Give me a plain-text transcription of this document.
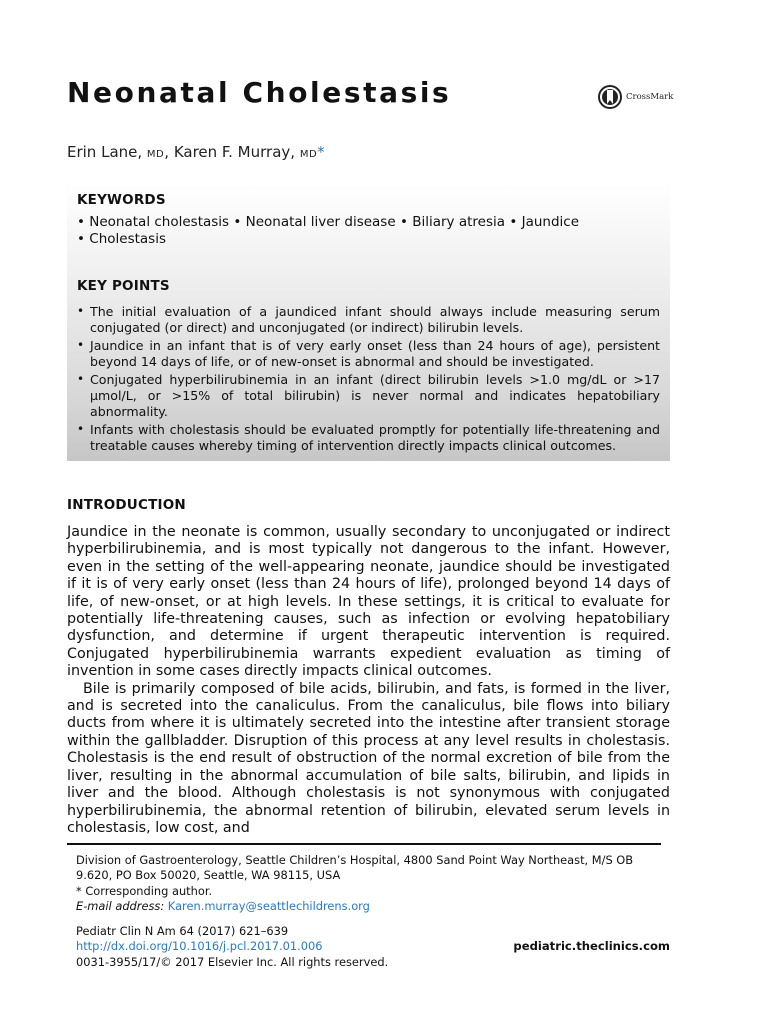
Neonatal Cholestasis	CrossMark
Erin Lane, MD, Karen F. Murray, MD*
KEYWORDS
• Neonatal cholestasis • Neonatal liver disease • Biliary atresia • Jaundice
• Cholestasis
KEY POINTS
• The initial evaluation of a jaundiced infant should always include measuring serum conjugated (or direct) and unconjugated (or indirect) bilirubin levels.
• Jaundice in an infant that is of very early onset (less than 24 hours of age), persistent beyond 14 days of life, or of new-onset is abnormal and should be investigated.
• Conjugated hyperbilirubinemia in an infant (direct bilirubin levels >1.0 mg/dL or >17 μmol/L, or >15% of total bilirubin) is never normal and indicates hepatobiliary abnormality.
• Infants with cholestasis should be evaluated promptly for potentially life-threatening and treatable causes whereby timing of intervention directly impacts clinical outcomes.
INTRODUCTION

Jaundice in the neonate is common, usually secondary to unconjugated or indirect hyperbilirubinemia, and is most typically not dangerous to the infant. However, even in the setting of the well-appearing neonate, jaundice should be investigated if it is of very early onset (less than 24 hours of life), prolonged beyond 14 days of life, of new-onset, or at high levels. In these settings, it is critical to evaluate for potentially life-threatening causes, such as infection or evolving hepatobiliary dysfunction, and determine if urgent therapeutic intervention is required. Conjugated hyperbilirubinemia warrants expedient evaluation as timing of invention in some cases directly impacts clinical outcomes.

Bile is primarily composed of bile acids, bilirubin, and fats, is formed in the liver, and is secreted into the canaliculus. From the canaliculus, bile flows into biliary ducts from where it is ultimately secreted into the intestine after transient storage within the gallbladder. Disruption of this process at any level results in cholestasis. Cholestasis is the end result of obstruction of the normal excretion of bile from the liver, resulting in the abnormal accumulation of bile salts, bilirubin, and lipids in liver and the blood. Although cholestasis is not synonymous with conjugated hyperbilirubinemia, the abnormal retention of bilirubin, elevated serum levels in cholestasis, low cost, and

Division of Gastroenterology, Seattle Children’s Hospital, 4800 Sand Point Way Northeast, M/S OB 9.620, PO Box 50020, Seattle, WA 98115, USA
* Corresponding author.
E-mail address: Karen.murray@seattlechildrens.org
Pediatr Clin N Am 64 (2017) 621–639
http://dx.doi.org/10.1016/j.pcl.2017.01.006
0031-3955/17/© 2017 Elsevier Inc. All rights reserved.
pediatric.theclinics.com
